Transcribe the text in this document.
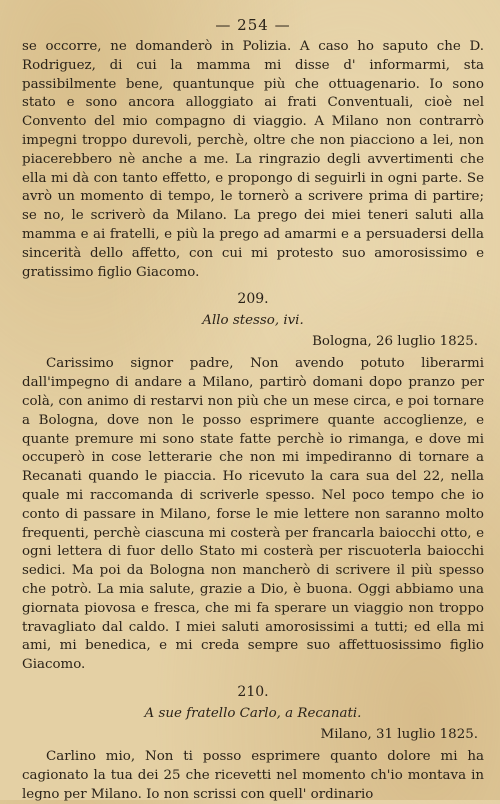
— 254 —

se occorre, ne domanderò in Polizia. A caso ho saputo che D. Rodriguez, di cui la mamma mi disse d' informarmi, sta passibilmente bene, quantunque più che ottuagenario. Io sono stato e sono ancora alloggiato ai frati Conventuali, cioè nel Convento del mio compagno di viaggio. A Milano non contrarrò impegni troppo durevoli, perchè, oltre che non piacciono a lei, non piacerebbero nè anche a me. La ringrazio degli avvertimenti che ella mi dà con tanto effetto, e propongo di seguirli in ogni parte. Se avrò un momento di tempo, le tornerò a scrivere prima di partire; se no, le scriverò da Milano. La prego dei miei teneri saluti alla mamma e ai fratelli, e più la prego ad amarmi e a persuadersi della sincerità dello affetto, con cui mi protesto suo amorosissimo e gratissimo figlio Giacomo.

209.
Allo stesso, ivi.
Bologna, 26 luglio 1825.

Carissimo signor padre, Non avendo potuto liberarmi dall'impegno di andare a Milano, partirò domani dopo pranzo per colà, con animo di restarvi non più che un mese circa, e poi tornare a Bologna, dove non le posso esprimere quante accoglienze, e quante premure mi sono state fatte perchè io rimanga, e dove mi occuperò in cose letterarie che non mi impediranno di tornare a Recanati quando le piaccia. Ho ricevuto la cara sua del 22, nella quale mi raccomanda di scriverle spesso. Nel poco tempo che io conto di passare in Milano, forse le mie lettere non saranno molto frequenti, perchè ciascuna mi costerà per francarla baiocchi otto, e ogni lettera di fuor dello Stato mi costerà per riscuoterla baiocchi sedici. Ma poi da Bologna non mancherò di scrivere il più spesso che potrò. La mia salute, grazie a Dio, è buona. Oggi abbiamo una giornata piovosa e fresca, che mi fa sperare un viaggio non troppo travagliato dal caldo. I miei saluti amorosissimi a tutti; ed ella mi ami, mi benedica, e mi creda sempre suo affettuosissimo figlio Giacomo.

210.
A sue fratello Carlo, a Recanati.
Milano, 31 luglio 1825.

Carlino mio, Non ti posso esprimere quanto dolore mi ha cagionato la tua dei 25 che ricevetti nel momento ch'io montava in legno per Milano. Io non scrissi con quell' ordinario
